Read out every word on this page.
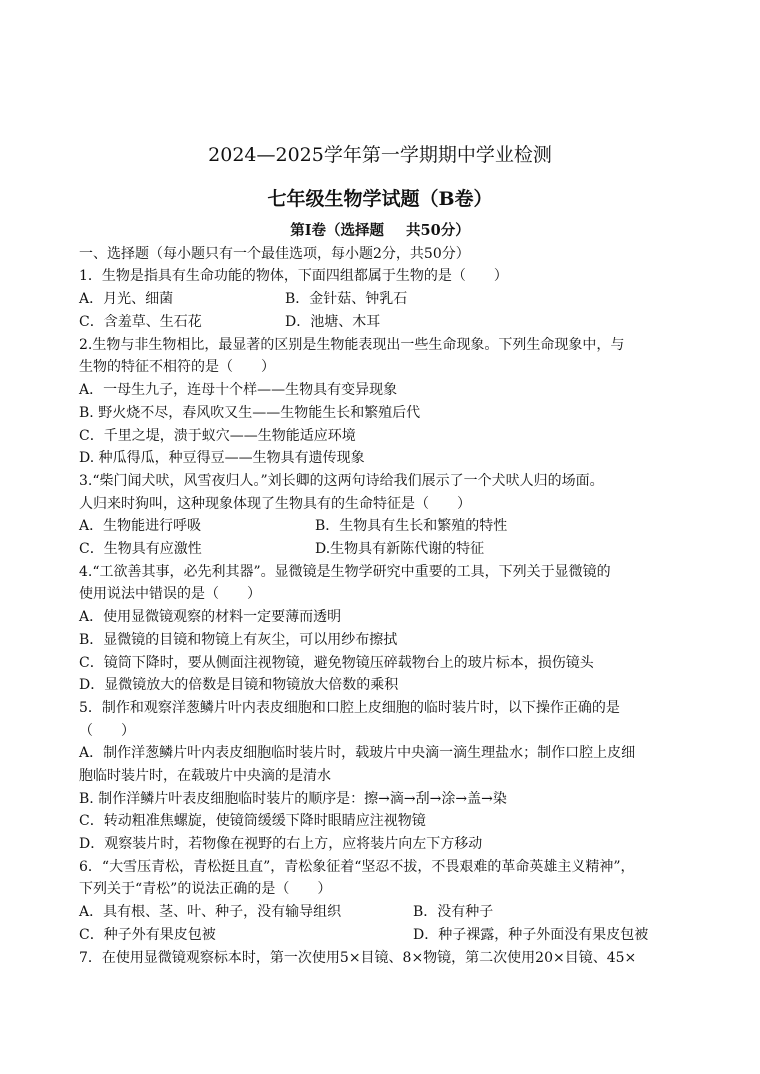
2024—2025学年第一学期期中学业检测
七年级生物学试题（B卷）
第Ⅰ卷（选择题 共50分）
一、选择题（每小题只有一个最佳选项，每小题2分，共50分）
1．生物是指具有生命功能的物体，下面四组都属于生物的是（　　）
A．月光、细菌	B．金针菇、钟乳石
C．含羞草、生石花	D．池塘、木耳
2.生物与非生物相比，最显著的区别是生物能表现出一些生命现象。下列生命现象中，与
生物的特征不相符的是（　　）
A．一母生九子，连母十个样——生物具有变异现象
B. 野火烧不尽，春风吹又生——生物能生长和繁殖后代
C．千里之堤，溃于蚁穴——生物能适应环境
D. 种瓜得瓜，种豆得豆——生物具有遗传现象
3.“柴门闻犬吠，风雪夜归人。”刘长卿的这两句诗给我们展示了一个犬吠人归的场面。
人归来时狗叫，这种现象体现了生物具有的生命特征是（　　）
A．生物能进行呼吸	B．生物具有生长和繁殖的特性
C．生物具有应激性	D.生物具有新陈代谢的特征
4.“工欲善其事，必先利其器”。显微镜是生物学研究中重要的工具，下列关于显微镜的
使用说法中错误的是（　　）
A．使用显微镜观察的材料一定要薄而透明
B．显微镜的目镜和物镜上有灰尘，可以用纱布擦拭
C．镜筒下降时，要从侧面注视物镜，避免物镜压碎载物台上的玻片标本，损伤镜头
D．显微镜放大的倍数是目镜和物镜放大倍数的乘积
5．制作和观察洋葱鳞片叶内表皮细胞和口腔上皮细胞的临时装片时，以下操作正确的是
（　　）
A．制作洋葱鳞片叶内表皮细胞临时装片时，载玻片中央滴一滴生理盐水；制作口腔上皮细
胞临时装片时，在载玻片中央滴的是清水
B. 制作洋鳞片叶表皮细胞临时装片的顺序是：擦→滴→刮→涂→盖→染
C．转动粗准焦螺旋，使镜筒缓缓下降时眼睛应注视物镜
D．观察装片时，若物像在视野的右上方，应将装片向左下方移动
6．“大雪压青松，青松挺且直”，青松象征着“坚忍不拔，不畏艰难的革命英雄主义精神”，
下列关于“青松”的说法正确的是（　　）
A．具有根、茎、叶、种子，没有输导组织	B．没有种子
C．种子外有果皮包被	D．种子裸露，种子外面没有果皮包被
7．在使用显微镜观察标本时，第一次使用5×目镜、8×物镜，第二次使用20×目镜、45×
